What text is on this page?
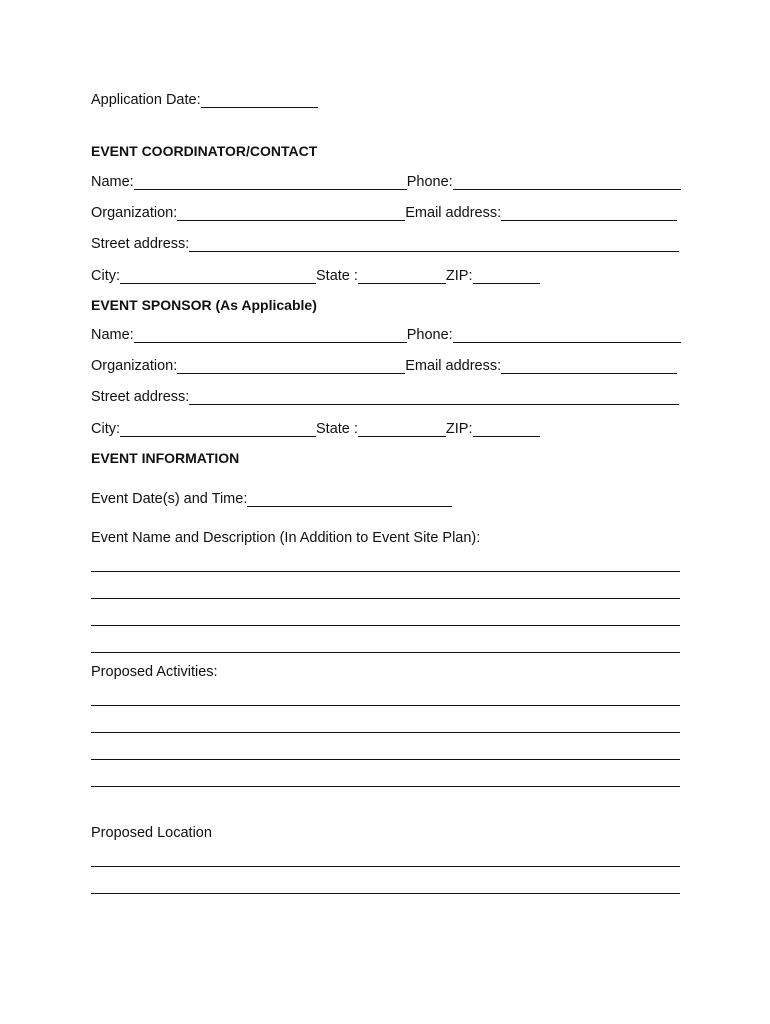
Application Date:
EVENT COORDINATOR/CONTACT
Name:	Phone:
Organization:	Email address:
Street address:
City:	State :	ZIP:
EVENT SPONSOR (As Applicable)
Name:	Phone:
Organization:	Email address:
Street address:
City:	State :	ZIP:
EVENT INFORMATION
Event Date(s) and Time:
Event Name and Description (In Addition to Event Site Plan):
Proposed Activities:
Proposed Location
